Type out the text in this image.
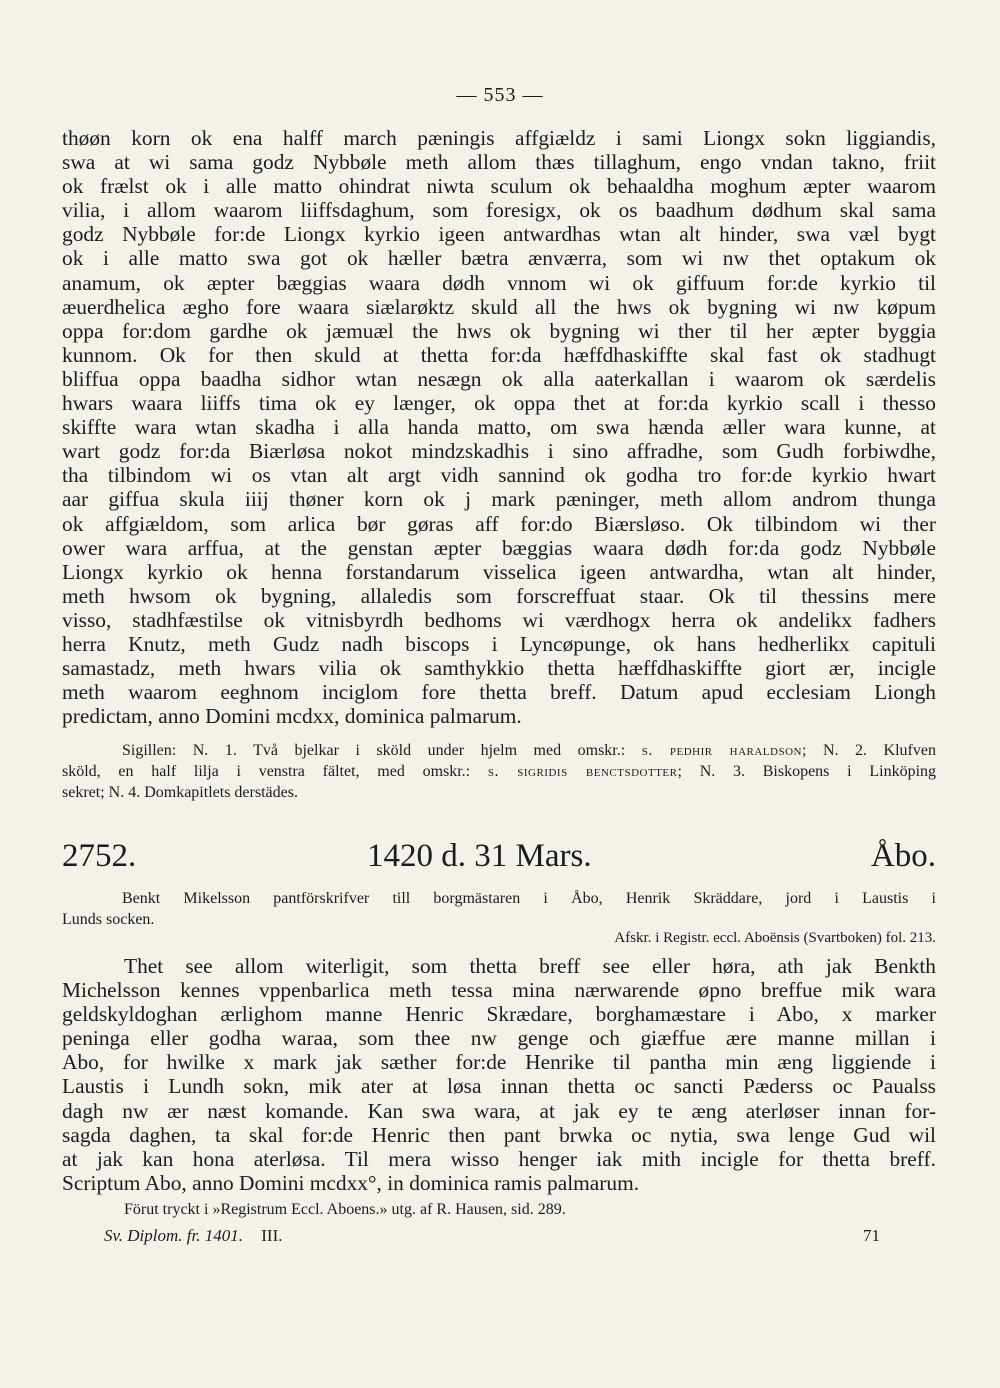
— 553 —
thøøn korn ok ena halff march pæningis affgiældz i sami Liongx sokn liggiandis,
swa at wi sama godz Nybbøle meth allom thæs tillaghum, engo vndan takno, friit
ok frælst ok i alle matto ohindrat niwta sculum ok behaaldha moghum æpter waarom
vilia, i allom waarom liiffsdaghum, som foresigx, ok os baadhum dødhum skal sama
godz Nybbøle for:de Liongx kyrkio igeen antwardhas wtan alt hinder, swa væl bygt
ok i alle matto swa got ok hæller bætra ænværra, som wi nw thet optakum ok
anamum, ok æpter bæggias waara dødh vnnom wi ok giffuum for:de kyrkio til
æuerdhelica ægho fore waara siælarøktz skuld all the hws ok bygning wi nw køpum
oppa for:dom gardhe ok jæmuæl the hws ok bygning wi ther til her æpter byggia
kunnom. Ok for then skuld at thetta for:da hæffdhaskiffte skal fast ok stadhugt
bliffua oppa baadha sidhor wtan nesægn ok alla aaterkallan i waarom ok særdelis
hwars waara liiffs tima ok ey længer, ok oppa thet at for:da kyrkio scall i thesso
skiffte wara wtan skadha i alla handa matto, om swa hænda æller wara kunne, at
wart godz for:da Biærløsa nokot mindzskadhis i sino affradhe, som Gudh forbiwdhe,
tha tilbindom wi os vtan alt argt vidh sannind ok godha tro for:de kyrkio hwart
aar giffua skula iiij thøner korn ok j mark pæninger, meth allom androm thunga
ok affgiældom, som arlica bør gøras aff for:do Biærsløso. Ok tilbindom wi ther
ower wara arffua, at the genstan æpter bæggias waara dødh for:da godz Nybbøle
Liongx kyrkio ok henna forstandarum visselica igeen antwardha, wtan alt hinder,
meth hwsom ok bygning, allaledis som forscreffuat staar. Ok til thessins mere
visso, stadhfæstilse ok vitnisbyrdh bedhoms wi værdhogx herra ok andelikx fadhers
herra Knutz, meth Gudz nadh biscops i Lyncøpunge, ok hans hedherlikx capituli
samastadz, meth hwars vilia ok samthykkio thetta hæffdhaskiffte giort ær, incigle
meth waarom eeghnom inciglom fore thetta breff. Datum apud ecclesiam Liongh
predictam, anno Domini mcdxx, dominica palmarum.
Sigillen: N. 1. Två bjelkar i sköld under hjelm med omskr.: s. pedhir haraldson; N. 2. Klufven
sköld, en half lilja i venstra fältet, med omskr.: s. sigridis benctsdotter; N. 3. Biskopens i Linköping
sekret; N. 4. Domkapitlets derstädes.
2752.	1420 d. 31 Mars.	Åbo.
Benkt Mikelsson pantförskrifver till borgmästaren i Åbo, Henrik Skräddare, jord i Laustis i
Lunds socken.
Afskr. i Registr. eccl. Aboënsis (Svartboken) fol. 213.
Thet see allom witerligit, som thetta breff see eller høra, ath jak Benkth
Michelsson kennes vppenbarlica meth tessa mina nærwarende øpno breffue mik wara
geldskyldoghan ærlighom manne Henric Skrædare, borghamæstare i Abo, x marker
peninga eller godha waraa, som thee nw genge och giæffue ære manne millan i
Abo, for hwilke x mark jak sæther for:de Henrike til pantha min æng liggiende i
Laustis i Lundh sokn, mik ater at løsa innan thetta oc sancti Pæderss oc Paualss
dagh nw ær næst komande. Kan swa wara, at jak ey te æng aterløser innan for-
sagda daghen, ta skal for:de Henric then pant brwka oc nytia, swa lenge Gud wil
at jak kan hona aterløsa. Til mera wisso henger iak mith incigle for thetta breff.
Scriptum Abo, anno Domini mcdxx°, in dominica ramis palmarum.
Förut tryckt i »Registrum Eccl. Aboens.» utg. af R. Hausen, sid. 289.
Sv. Diplom. fr. 1401. III.	71
